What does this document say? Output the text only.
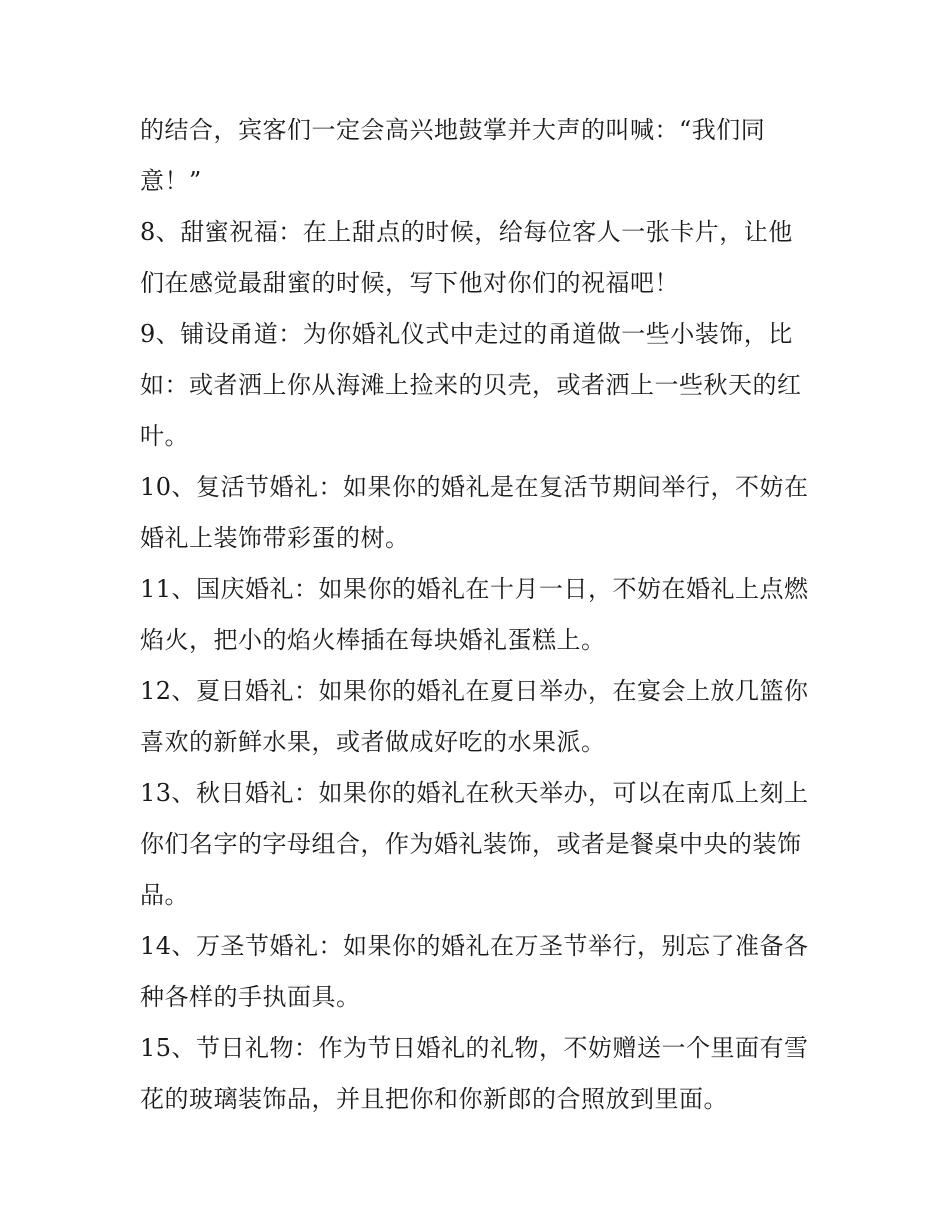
的结合，宾客们一定会高兴地鼓掌并大声的叫喊：“我们同
意！”
8、甜蜜祝福：在上甜点的时候，给每位客人一张卡片，让他
们在感觉最甜蜜的时候，写下他对你们的祝福吧！
9、铺设甬道：为你婚礼仪式中走过的甬道做一些小装饰，比
如：或者洒上你从海滩上捡来的贝壳，或者洒上一些秋天的红
叶。
10、复活节婚礼：如果你的婚礼是在复活节期间举行，不妨在
婚礼上装饰带彩蛋的树。
11、国庆婚礼：如果你的婚礼在十月一日，不妨在婚礼上点燃
焰火，把小的焰火棒插在每块婚礼蛋糕上。
12、夏日婚礼：如果你的婚礼在夏日举办，在宴会上放几篮你
喜欢的新鲜水果，或者做成好吃的水果派。
13、秋日婚礼：如果你的婚礼在秋天举办，可以在南瓜上刻上
你们名字的字母组合，作为婚礼装饰，或者是餐桌中央的装饰
品。
14、万圣节婚礼：如果你的婚礼在万圣节举行，别忘了准备各
种各样的手执面具。
15、节日礼物：作为节日婚礼的礼物，不妨赠送一个里面有雪
花的玻璃装饰品，并且把你和你新郎的合照放到里面。
